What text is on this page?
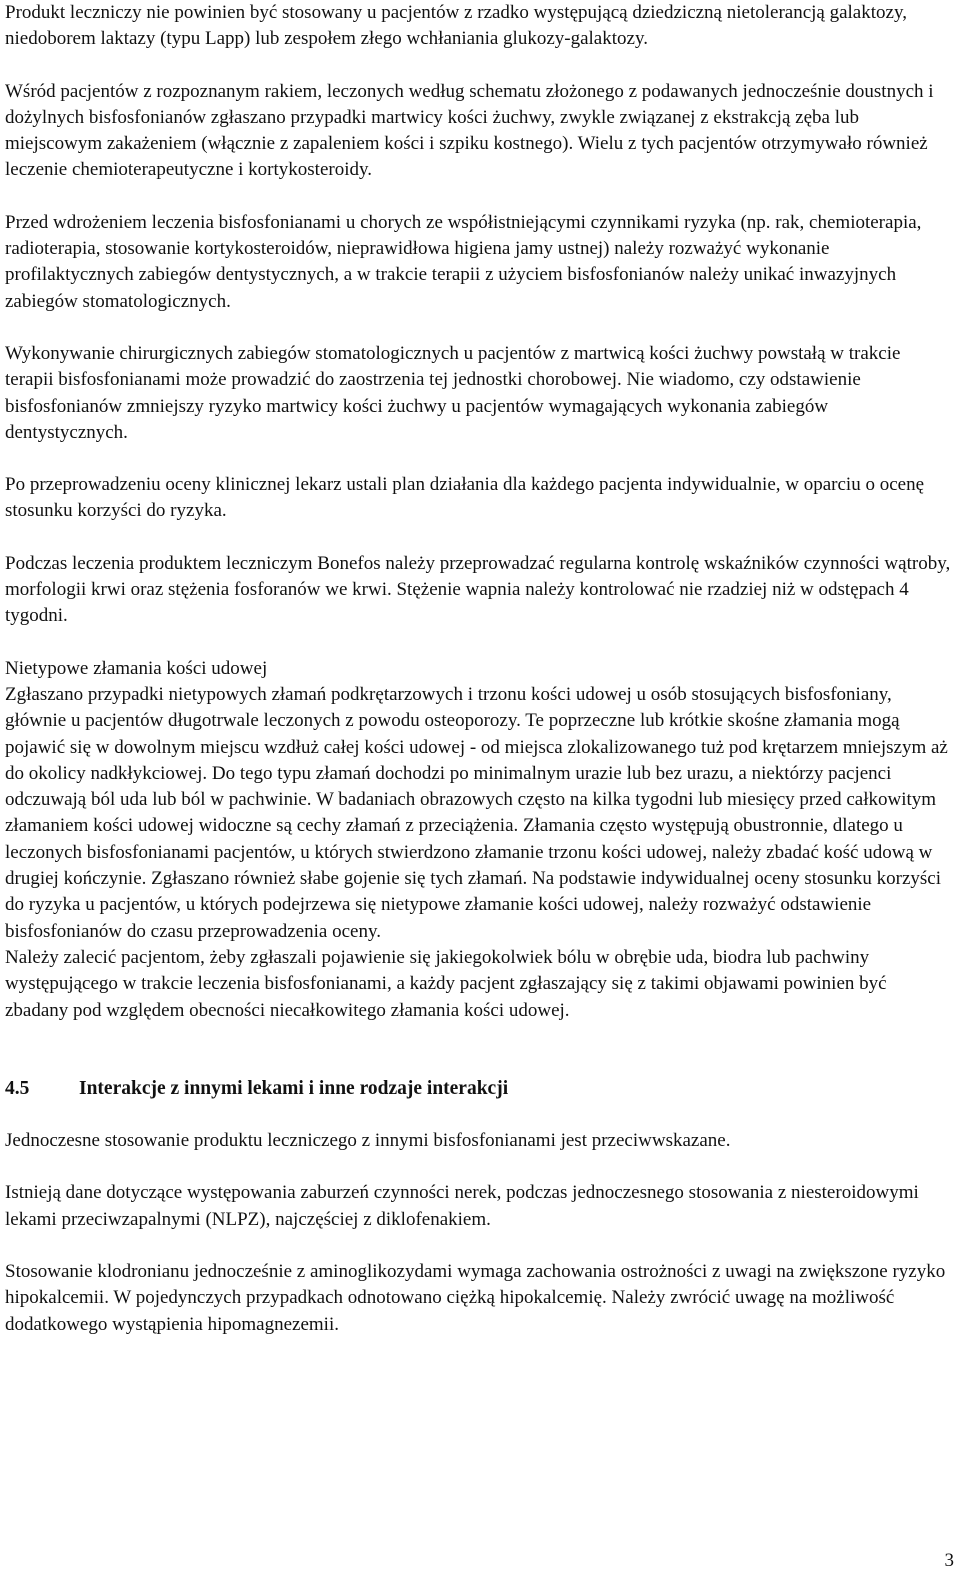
Produkt leczniczy nie powinien być stosowany u pacjentów z rzadko występującą dziedziczną nietolerancją galaktozy, niedoborem laktazy (typu Lapp) lub zespołem złego wchłaniania glukozy-galaktozy.

Wśród pacjentów z rozpoznanym rakiem, leczonych według schematu złożonego z podawanych jednocześnie doustnych i dożylnych bisfosfonianów zgłaszano przypadki martwicy kości żuchwy, zwykle związanej z ekstrakcją zęba lub miejscowym zakażeniem (włącznie z zapaleniem kości i szpiku kostnego). Wielu z tych pacjentów otrzymywało również leczenie chemioterapeutyczne i kortykosteroidy.

Przed wdrożeniem leczenia bisfosfonianami u chorych ze współistniejącymi czynnikami ryzyka (np. rak, chemioterapia, radioterapia, stosowanie kortykosteroidów, nieprawidłowa higiena jamy ustnej) należy rozważyć wykonanie profilaktycznych zabiegów dentystycznych, a w trakcie terapii z użyciem bisfosfonianów należy unikać inwazyjnych zabiegów stomatologicznych.

Wykonywanie chirurgicznych zabiegów stomatologicznych u pacjentów z martwicą kości żuchwy powstałą w trakcie terapii bisfosfonianami może prowadzić do zaostrzenia tej jednostki chorobowej. Nie wiadomo, czy odstawienie bisfosfonianów zmniejszy ryzyko martwicy kości żuchwy u pacjentów wymagających wykonania zabiegów dentystycznych.

Po przeprowadzeniu oceny klinicznej lekarz ustali plan działania dla każdego pacjenta indywidualnie, w oparciu o ocenę stosunku korzyści do ryzyka.

Podczas leczenia produktem leczniczym Bonefos należy przeprowadzać regularna kontrolę wskaźników czynności wątroby, morfologii krwi oraz stężenia fosforanów we krwi. Stężenie wapnia należy kontrolować nie rzadziej niż w odstępach 4 tygodni.

Nietypowe złamania kości udowej

Zgłaszano przypadki nietypowych złamań podkrętarzowych i trzonu kości udowej u osób stosujących bisfosfoniany, głównie u pacjentów długotrwale leczonych z powodu osteoporozy. Te poprzeczne lub krótkie skośne złamania mogą pojawić się w dowolnym miejscu wzdłuż całej kości udowej - od miejsca zlokalizowanego tuż pod krętarzem mniejszym aż do okolicy nadkłykciowej. Do tego typu złamań dochodzi po minimalnym urazie lub bez urazu, a niektórzy pacjenci odczuwają ból uda lub ból w pachwinie. W badaniach obrazowych często na kilka tygodni lub miesięcy przed całkowitym złamaniem kości udowej widoczne są cechy złamań z przeciążenia. Złamania często występują obustronnie, dlatego u leczonych bisfosfonianami pacjentów, u których stwierdzono złamanie trzonu kości udowej, należy zbadać kość udową w drugiej kończynie. Zgłaszano również słabe gojenie się tych złamań. Na podstawie indywidualnej oceny stosunku korzyści do ryzyka u pacjentów, u których podejrzewa się nietypowe złamanie kości udowej, należy rozważyć odstawienie bisfosfonianów do czasu przeprowadzenia oceny.

Należy zalecić pacjentom, żeby zgłaszali pojawienie się jakiegokolwiek bólu w obrębie uda, biodra lub pachwiny występującego w trakcie leczenia bisfosfonianami, a każdy pacjent zgłaszający się z takimi objawami powinien być zbadany pod względem obecności niecałkowitego złamania kości udowej.

4.5	Interakcje z innymi lekami i inne rodzaje interakcji

Jednoczesne stosowanie produktu leczniczego z innymi bisfosfonianami jest przeciwwskazane.

Istnieją dane dotyczące występowania zaburzeń czynności nerek, podczas jednoczesnego stosowania z niesteroidowymi lekami przeciwzapalnymi (NLPZ), najczęściej z diklofenakiem.

Stosowanie klodronianu jednocześnie z aminoglikozydami wymaga zachowania ostrożności z uwagi na zwiększone ryzyko hipokalcemii. W pojedynczych przypadkach odnotowano ciężką hipokalcemię. Należy zwrócić uwagę na możliwość dodatkowego wystąpienia hipomagnezemii.

3
